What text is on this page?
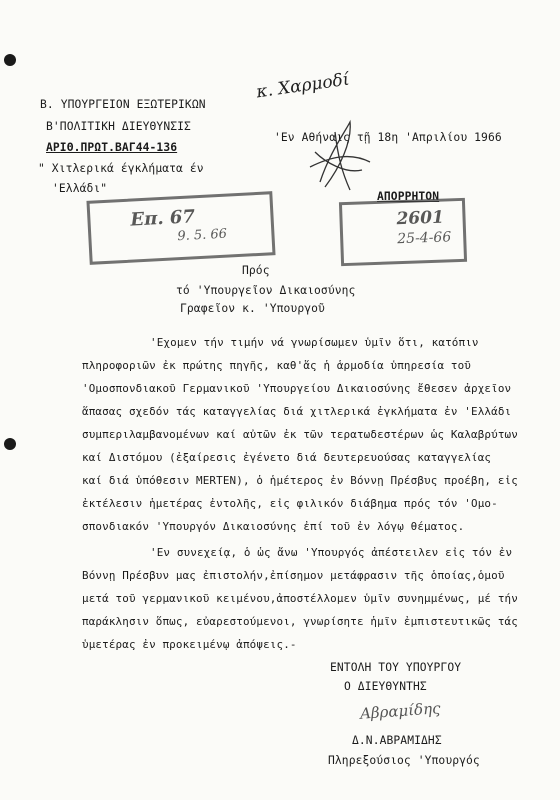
Β. ΥΠΟΥΡΓΕΙΟΝ ΕΞΩΤΕΡΙΚΩΝ
Β'ΠΟΛΙΤΙΚΗ ΔΙΕΥΘΥΝΣΙΣ
ΑΡΙΘ.ΠΡΩΤ.ΒΑΓ44-136
" Χιτλερικά έγκλήματα έν
'Ελλάδι"
κ. Χαρμοδί
'Εν Αθήναις τῇ 18η 'Απριλίου 1966
ΑΠΟΡΡΗΤΟΝ
Επ. 67
9. 5. 66
2601
25-4-66
Πρός
τό 'Υπουργεῖον Δικαιοσύνης
Γραφεῖον κ. 'Υπουργοῦ
'Εχομεν τήν τιμήν νά γνωρίσωμεν ὑμῖν ὅτι, κατόπιν
πληροφοριῶν ἐκ πρώτης πηγῆς, καθ'ἅς ἡ ἁρμοδία ὑπηρεσία τοῦ
'Ομοσπονδιακοῦ Γερμανικοῦ 'Υπουργείου Δικαιοσύνης ἔθεσεν ἀρχεῖον
ἅπασας σχεδόν τάς καταγγελίας διά χιτλερικά ἐγκλήματα ἐν 'Ελλάδι
συμπεριλαμβανομένων καί αὐτῶν ἐκ τῶν τερατωδεστέρων ὡς Καλαβρύτων
καί Διστόμου (ἐξαίρεσις ἐγένετο διά δευτερευούσας καταγγελίας
καί διά ὑπόθεσιν MERTEN), ὁ ἡμέτερος ἐν Βόννῃ Πρέσβυς προέβη, εἰς
ἐκτέλεσιν ἡμετέρας ἐντολῆς, εἰς φιλικόν διάβημα πρός τόν 'Ομο-
σπονδιακόν 'Υπουργόν Δικαιοσύνης ἐπί τοῦ ἐν λόγῳ θέματος.
'Εν συνεχείᾳ, ὁ ὡς ἄνω 'Υπουργός ἀπέστειλεν εἰς τόν ἐν
Βόννῃ Πρέσβυν μας ἐπιστολήν,ἐπίσημον μετάφρασιν τῆς ὁποίας,ὁμοῦ
μετά τοῦ γερμανικοῦ κειμένου,ἀποστέλλομεν ὑμῖν συνημμένως, μέ τήν
παράκλησιν ὅπως, εὐαρεστούμενοι, γνωρίσητε ἡμῖν ἐμπιστευτικῶς τάς
ὑμετέρας ἐν προκειμένῳ ἀπόψεις.-
ΕΝΤΟΛΗ ΤΟΥ ΥΠΟΥΡΓΟΥ
Ο ΔΙΕΥΘΥΝΤΗΣ
Αβραμίδης
Δ.Ν.ΑΒΡΑΜΙΔΗΣ
Πληρεξούσιος 'Υπουργός
